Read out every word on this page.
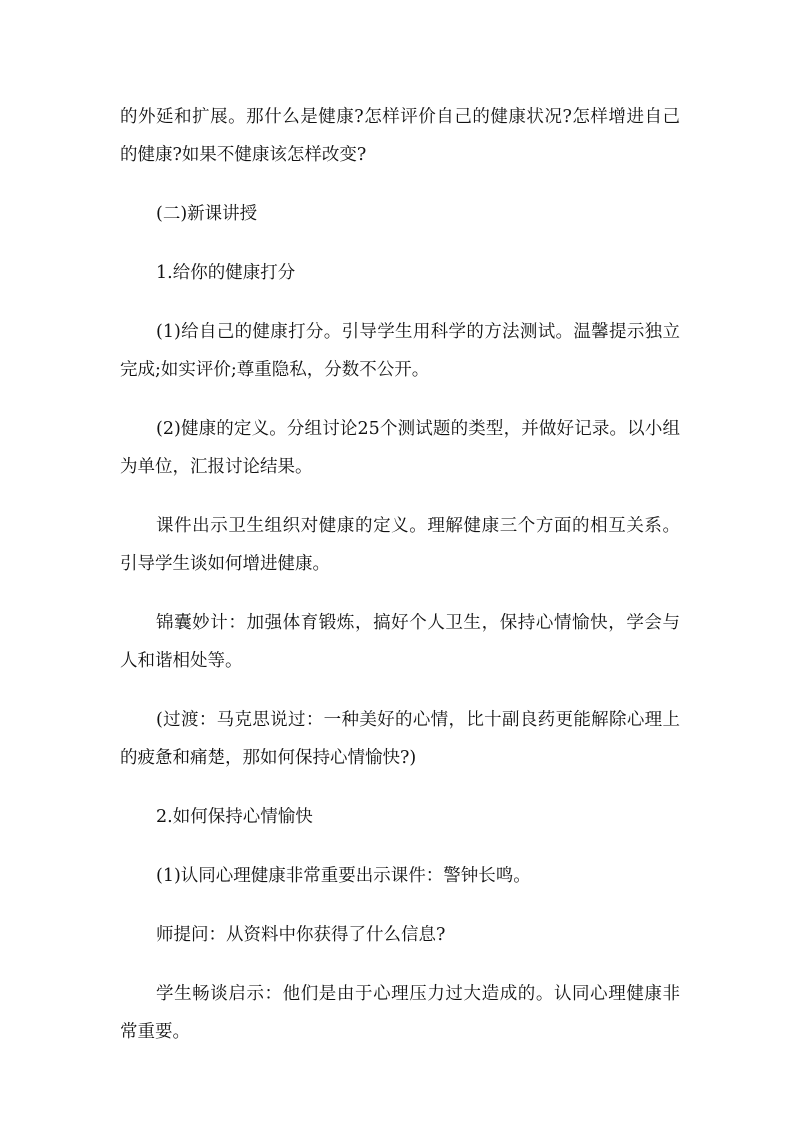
的外延和扩展。那什么是健康?怎样评价自己的健康状况?怎样增进自己的健康?如果不健康该怎样改变?

(二)新课讲授

1.给你的健康打分

(1)给自己的健康打分。引导学生用科学的方法测试。温馨提示独立完成;如实评价;尊重隐私，分数不公开。

(2)健康的定义。分组讨论25个测试题的类型，并做好记录。以小组为单位，汇报讨论结果。

课件出示卫生组织对健康的定义。理解健康三个方面的相互关系。引导学生谈如何增进健康。

锦囊妙计：加强体育锻炼，搞好个人卫生，保持心情愉快，学会与人和谐相处等。

(过渡：马克思说过：一种美好的心情，比十副良药更能解除心理上的疲惫和痛楚，那如何保持心情愉快?)

2.如何保持心情愉快

(1)认同心理健康非常重要出示课件：警钟长鸣。

师提问：从资料中你获得了什么信息?

学生畅谈启示：他们是由于心理压力过大造成的。认同心理健康非常重要。
